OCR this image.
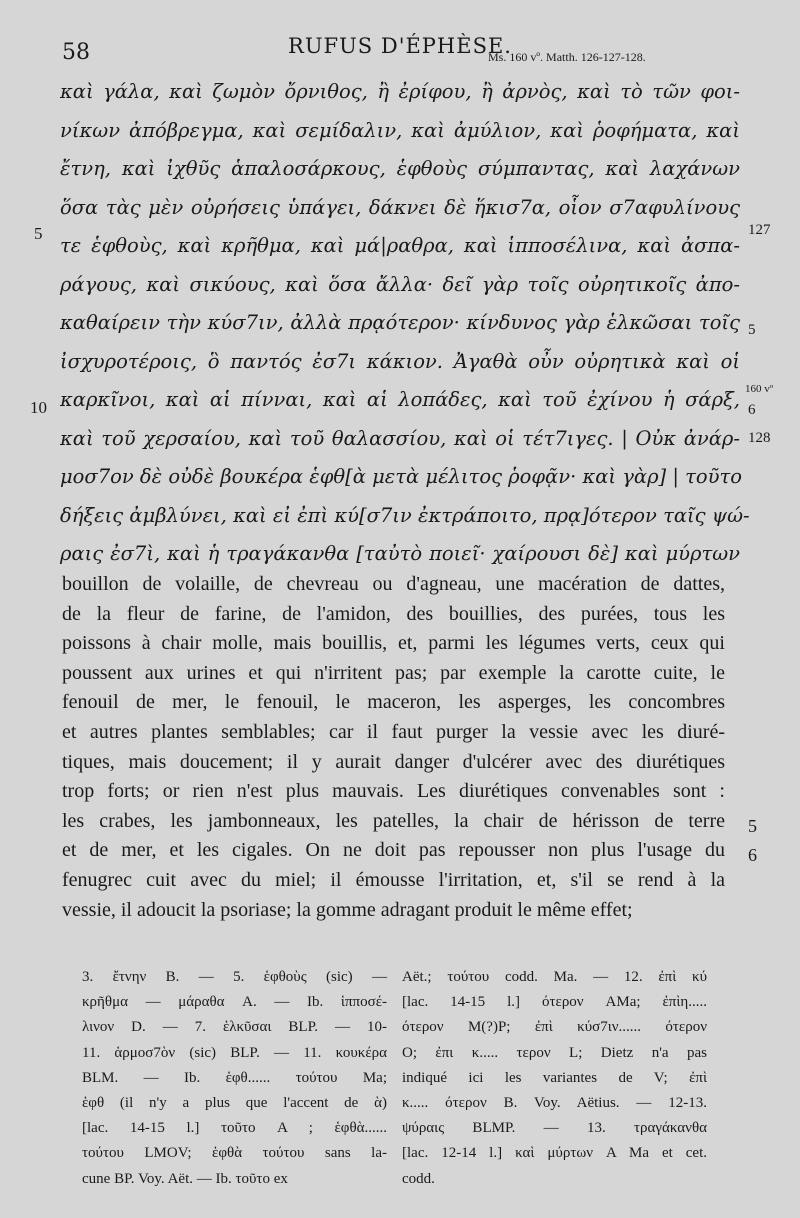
58	RUFUS D'ÉPHÈSE.
Ms. 160 vº. Matth. 126-127-128.
καὶ γάλα, καὶ ζωμὸν ὄρνιθος, ἢ ἐρίφου, ἢ ἀρνὸς, καὶ τὸ τῶν φοι-
νίκων ἀπόβρεγμα, καὶ σεμίδαλιν, καὶ ἀμύλιον, καὶ ῥοφήματα, καὶ
ἔτνη, καὶ ἰχθῦς ἁπαλοσάρκους, ἑφθοὺς σύμπαντας, καὶ λαχάνων
ὅσα τὰς μὲν οὐρήσεις ὑπάγει, δάκνει δὲ ἥκισ7α, οἷον σ7αφυλίνους
τε ἑφθοὺς, καὶ κρῆθμα, καὶ μά|ραθρα, καὶ ἱπποσέλινα, καὶ ἀσπα-
ράγους, καὶ σικύους, καὶ ὅσα ἄλλα· δεῖ γὰρ τοῖς οὐρητικοῖς ἀπο-
καθαίρειν τὴν κύσ7ιν, ἀλλὰ πρᾳότερον· κίνδυνος γὰρ ἑλκῶσαι τοῖς
ἰσχυροτέροις, ὃ παντός ἐσ7ι κάκιον. Ἀγαθὰ οὖν οὐρητικὰ καὶ οἱ
καρκῖνοι, καὶ αἱ πίνναι, καὶ αἱ λοπάδες, καὶ τοῦ ἐχίνου ἡ σάρξ,
καὶ τοῦ χερσαίου, καὶ τοῦ θαλασσίου, καὶ οἱ τέτ7ιγες. | Οὐκ ἀνάρ-
μοσ7ον δὲ οὐδὲ βουκέρα ἑφθ[ὰ μετὰ μέλιτος ῥοφᾷν· καὶ γὰρ] | τοῦτο
δήξεις ἀμβλύνει, καὶ εἰ ἐπὶ κύ[σ7ιν ἐκτράποιτο, πρᾳ]ότερον ταῖς ψώ-
ραις ἐσ7ὶ, καὶ ἡ τραγάκανθα [ταὐτὸ ποιεῖ· χαίρουσι δὲ] καὶ μύρτων
5
10
127
5
160 vº
6
128
bouillon de volaille, de chevreau ou d'agneau, une macération de dattes,
de la fleur de farine, de l'amidon, des bouillies, des purées, tous les
poissons à chair molle, mais bouillis, et, parmi les légumes verts, ceux qui
poussent aux urines et qui n'irritent pas; par exemple la carotte cuite, le
fenouil de mer, le fenouil, le maceron, les asperges, les concombres
et autres plantes semblables; car il faut purger la vessie avec les diuré-
tiques, mais doucement; il y aurait danger d'ulcérer avec des diurétiques
trop forts; or rien n'est plus mauvais. Les diurétiques convenables sont :
les crabes, les jambonneaux, les patelles, la chair de hérisson de terre
et de mer, et les cigales. On ne doit pas repousser non plus l'usage du
fenugrec cuit avec du miel; il émousse l'irritation, et, s'il se rend à la
vessie, il adoucit la psoriase; la gomme adragant produit le même effet;
5
6
3. ἔτνην B. — 5. ἑφθοὺς (sic) —
κρῆθμα — μάραθα A. — Ib. ἱπποσέ-
λινον D. — 7. ἑλκῦσαι BLP. — 10-
11. ἁρμοσ7ὸν (sic) BLP. — 11. κουκέρα
BLM. — Ib. ἑφθ...... τούτου Ma;
ἑφθ (il n'y a plus que l'accent de ὰ)
[lac. 14-15 l.] τοῦτο A ; ἑφθὰ......
τούτου LMOV; ἑφθὰ τούτου sans la-
cune BP. Voy. Aët. — Ib. τοῦτο ex
Aët.; τούτου codd. Ma. — 12. ἐπὶ κύ
[lac. 14-15 l.] ότερον AMa; ἐπὶη.....
ότερον M(?)P; ἐπὶ κύσ7ιν...... ότερον
O; ἐπι κ..... τερον L; Dietz n'a pas
indiqué ici les variantes de V; ἐπὶ
κ..... ότερον B. Voy. Aëtius. — 12-13.
ψύραις BLMP. — 13. τραγάκανθα
[lac. 12-14 l.] καὶ μύρτων A Ma et cet.
codd.
